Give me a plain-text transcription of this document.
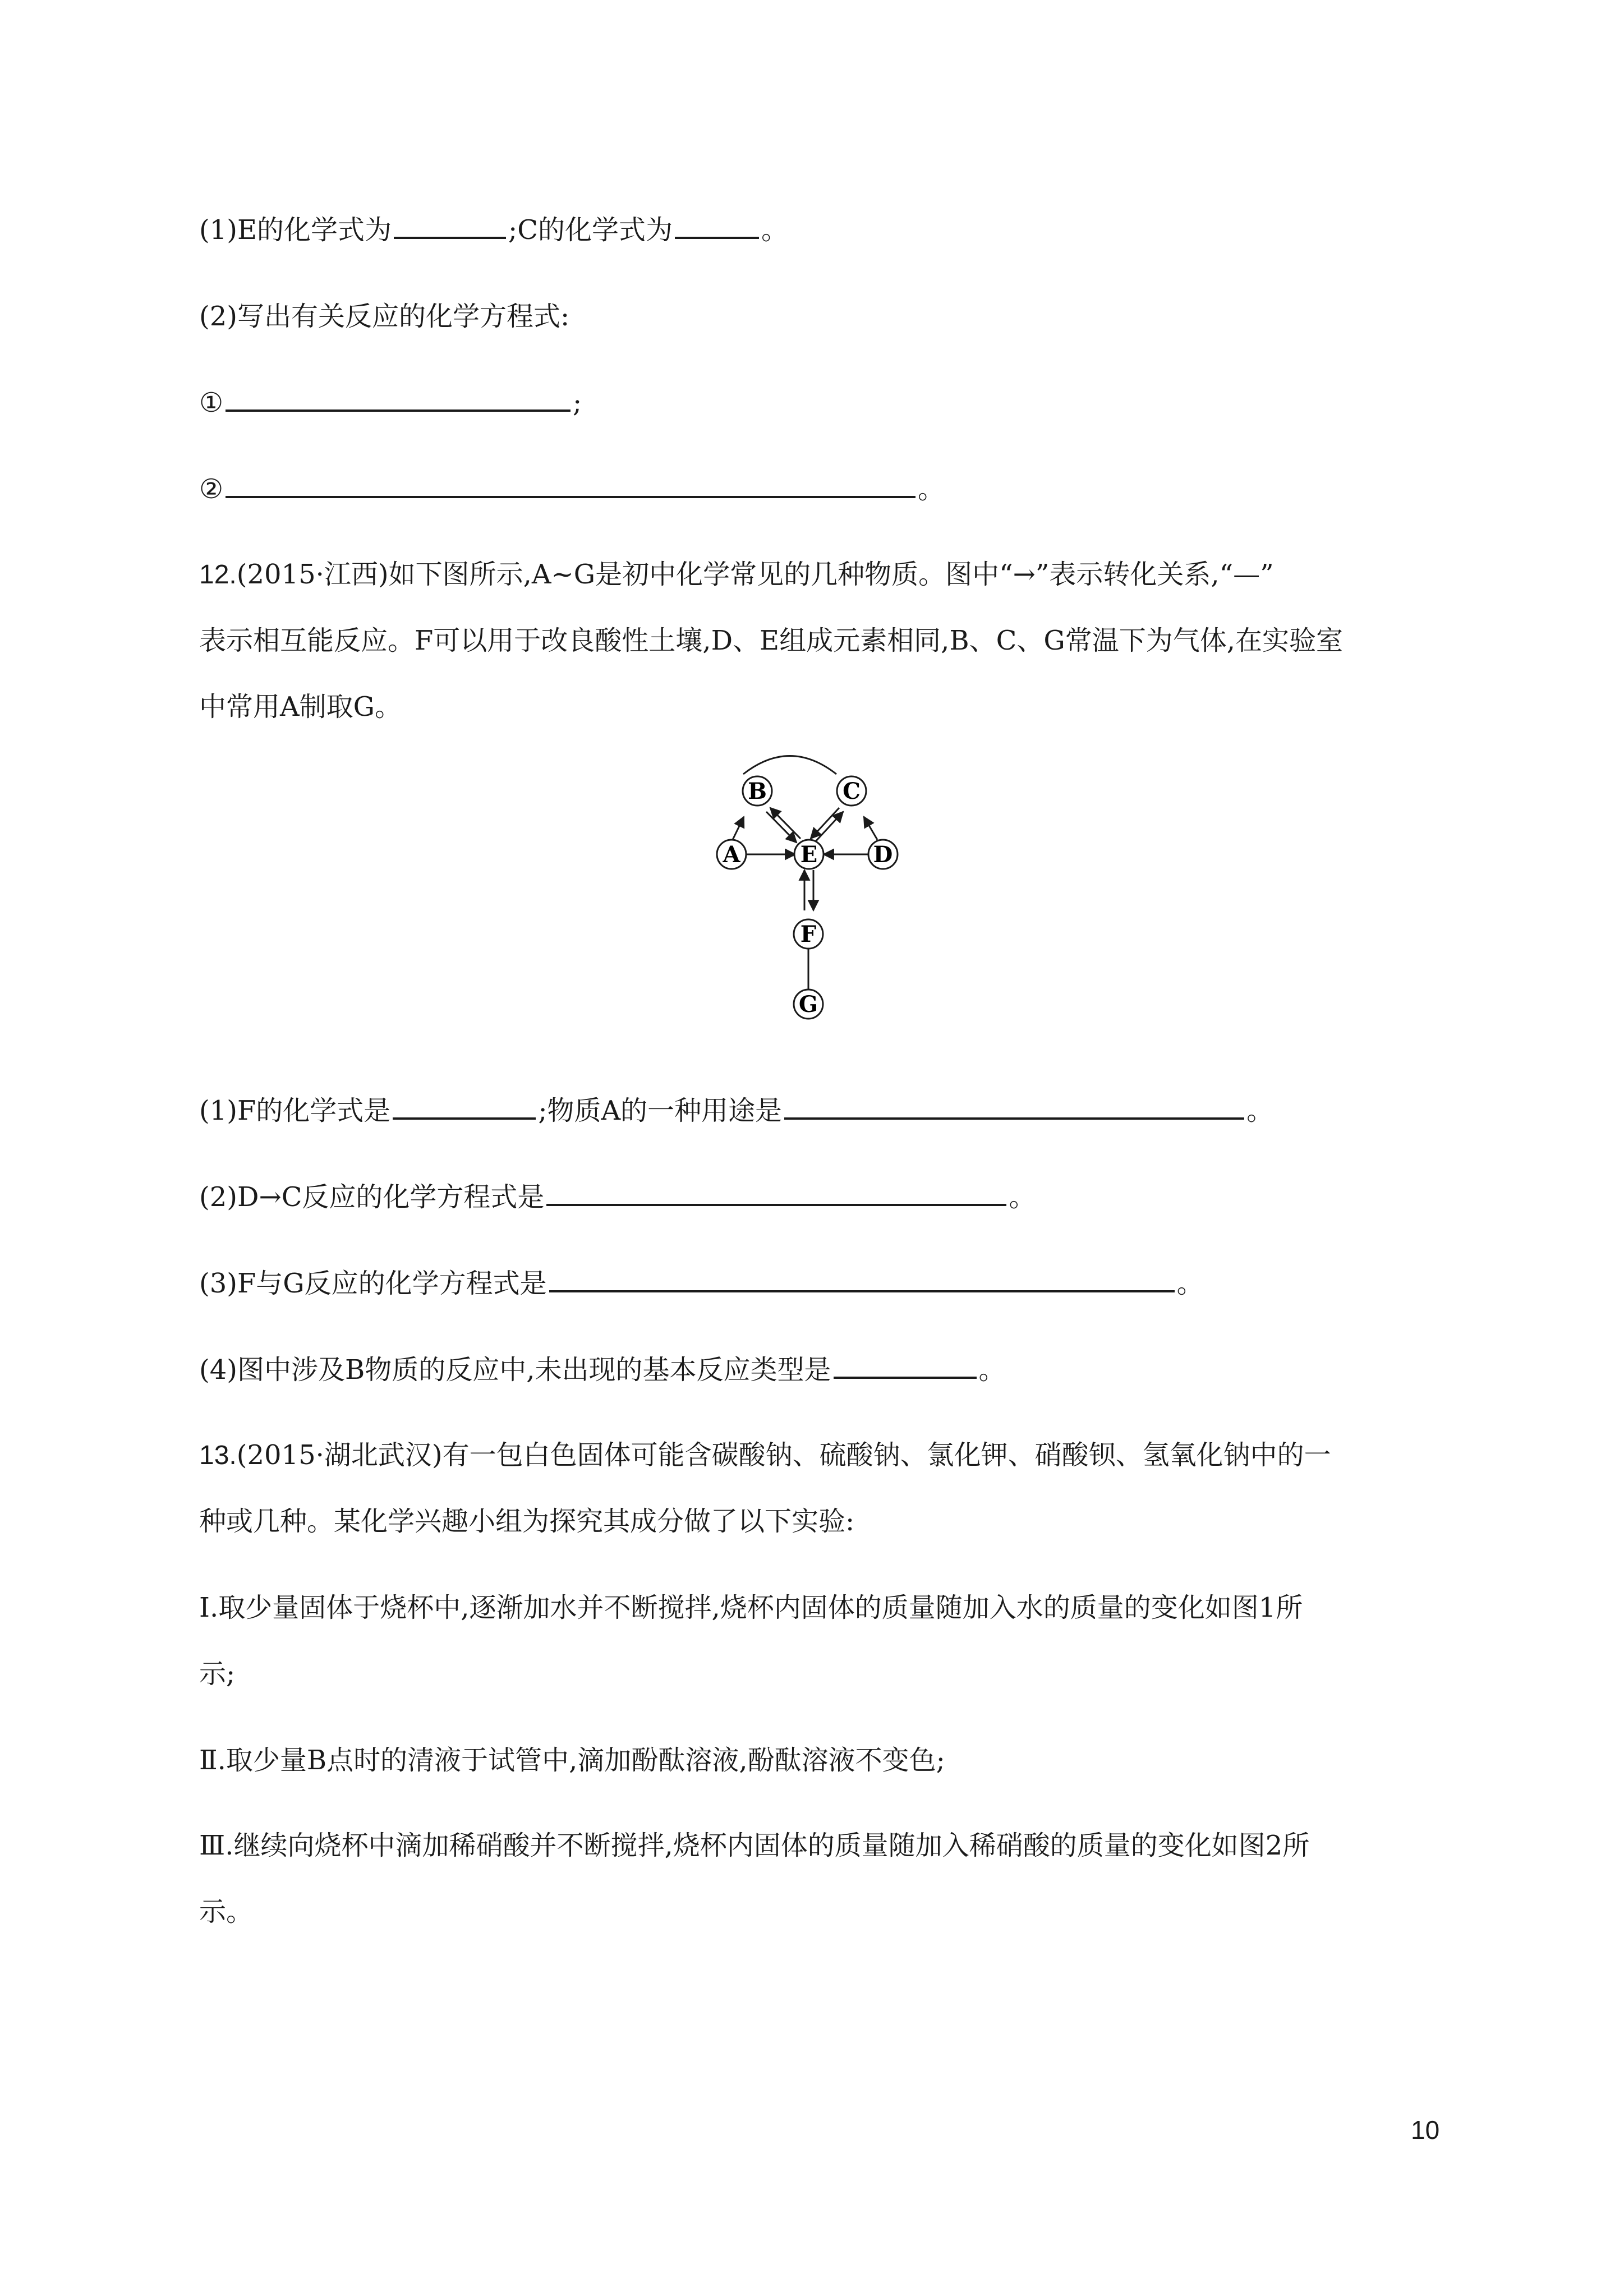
(1)E的化学式为	;C的化学式为	。
(2)写出有关反应的化学方程式:
①	;
②	。
12.(2015·江西)如下图所示,A~G是初中化学常见的几种物质。图中“→”表示转化关系,“—”
表示相互能反应。F可以用于改良酸性土壤,D、E组成元素相同,B、C、G常温下为气体,在实验室
中常用A制取G。
A
B	C
D
E
F
G
(1)F的化学式是	;物质A的一种用途是	。
(2)D→C反应的化学方程式是	。
(3)F与G反应的化学方程式是	。
(4)图中涉及B物质的反应中,未出现的基本反应类型是	。
13.(2015·湖北武汉)有一包白色固体可能含碳酸钠、硫酸钠、氯化钾、硝酸钡、氢氧化钠中的一
种或几种。某化学兴趣小组为探究其成分做了以下实验:
Ⅰ.取少量固体于烧杯中,逐渐加水并不断搅拌,烧杯内固体的质量随加入水的质量的变化如图1所
示;
Ⅱ.取少量B点时的清液于试管中,滴加酚酞溶液,酚酞溶液不变色;
Ⅲ.继续向烧杯中滴加稀硝酸并不断搅拌,烧杯内固体的质量随加入稀硝酸的质量的变化如图2所
示。
10
